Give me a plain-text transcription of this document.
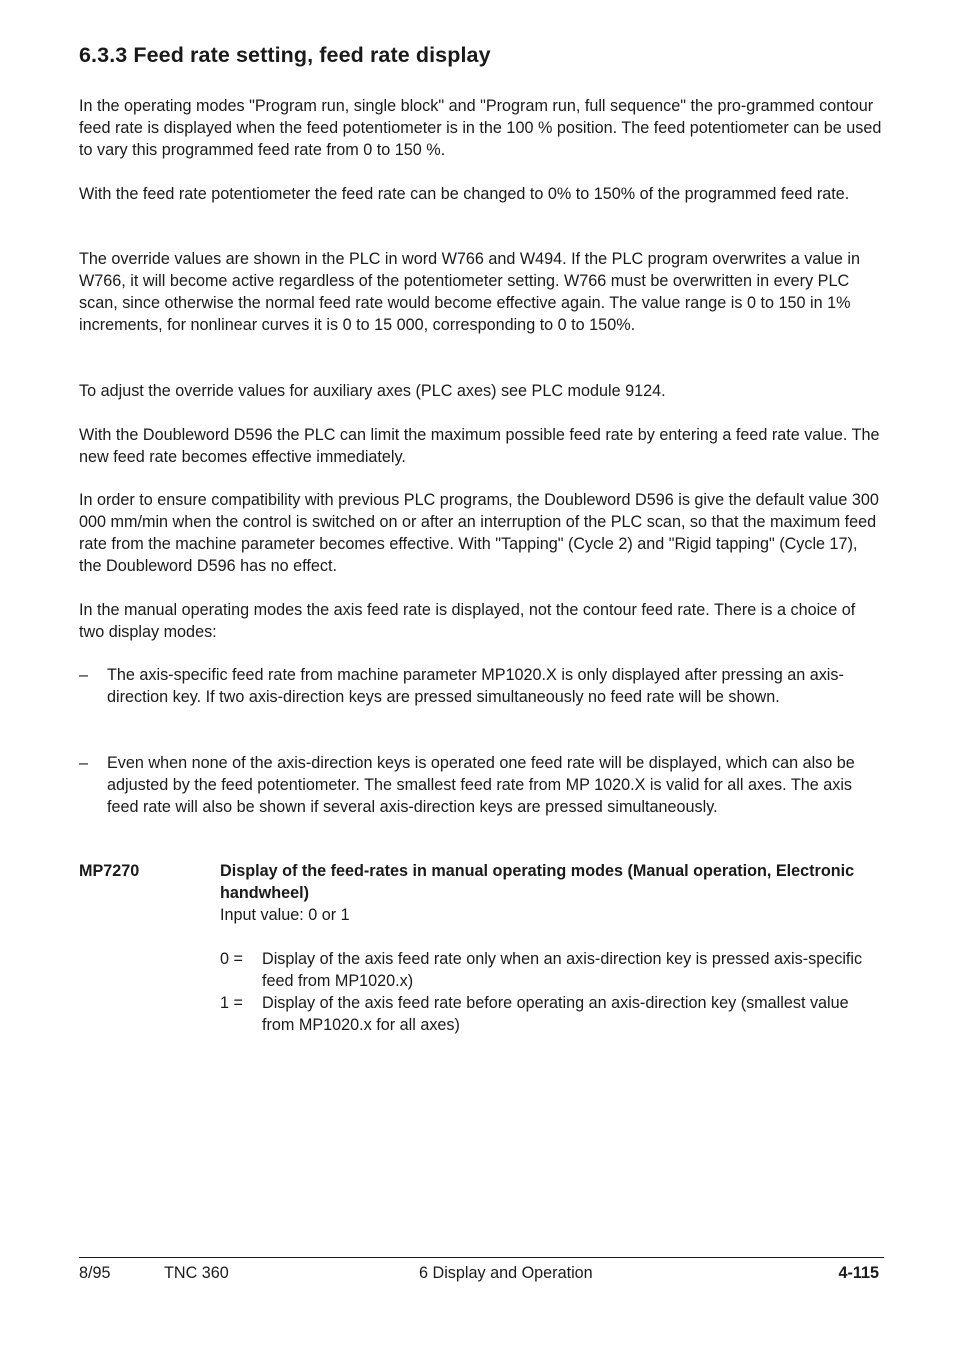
6.3.3 Feed rate setting, feed rate display

In the operating modes "Program run, single block" and "Program run, full sequence" the pro-grammed contour feed rate is displayed when the feed potentiometer is in the 100 % position. The feed potentiometer can be used to vary this programmed feed rate from 0 to 150 %.

With the feed rate potentiometer the feed rate can be changed to 0% to 150% of the programmed feed rate.

The override values are shown in the PLC in word W766 and W494. If the PLC program overwrites a value in W766, it will become active regardless of the potentiometer setting. W766 must be overwritten in every PLC scan, since otherwise the normal feed rate would become effective again. The value range is 0 to 150 in 1% increments, for nonlinear curves it is 0 to 15 000, corresponding to 0 to 150%.

To adjust the override values for auxiliary axes (PLC axes) see PLC module 9124.

With the Doubleword D596 the PLC can limit the maximum possible feed rate by entering a feed rate value. The new feed rate becomes effective immediately.

In order to ensure compatibility with previous PLC programs, the Doubleword D596 is give the default value 300 000 mm/min when the control is switched on or after an interruption of the PLC scan, so that the maximum feed rate from the machine parameter becomes effective. With "Tapping" (Cycle 2) and "Rigid tapping" (Cycle 17), the Doubleword D596 has no effect.

In the manual operating modes the axis feed rate is displayed, not the contour feed rate. There is a choice of two display modes:

– The axis-specific feed rate from machine parameter MP1020.X is only displayed after pressing an axis-direction key. If two axis-direction keys are pressed simultaneously no feed rate will be shown.
– Even when none of the axis-direction keys is operated one feed rate will be displayed, which can also be adjusted by the feed potentiometer. The smallest feed rate from MP 1020.X is valid for all axes. The axis feed rate will also be shown if several axis-direction keys are pressed simultaneously.
MP7270	Display of the feed-rates in manual operating modes (Manual operation, Electronic handwheel)
Input value: 0 or 1
0 = Display of the axis feed rate only when an axis-direction key is pressed axis-specific feed from MP1020.x)
1 = Display of the axis feed rate before operating an axis-direction key (smallest value from MP1020.x for all axes)
8/95	TNC 360	6 Display and Operation	4-115
